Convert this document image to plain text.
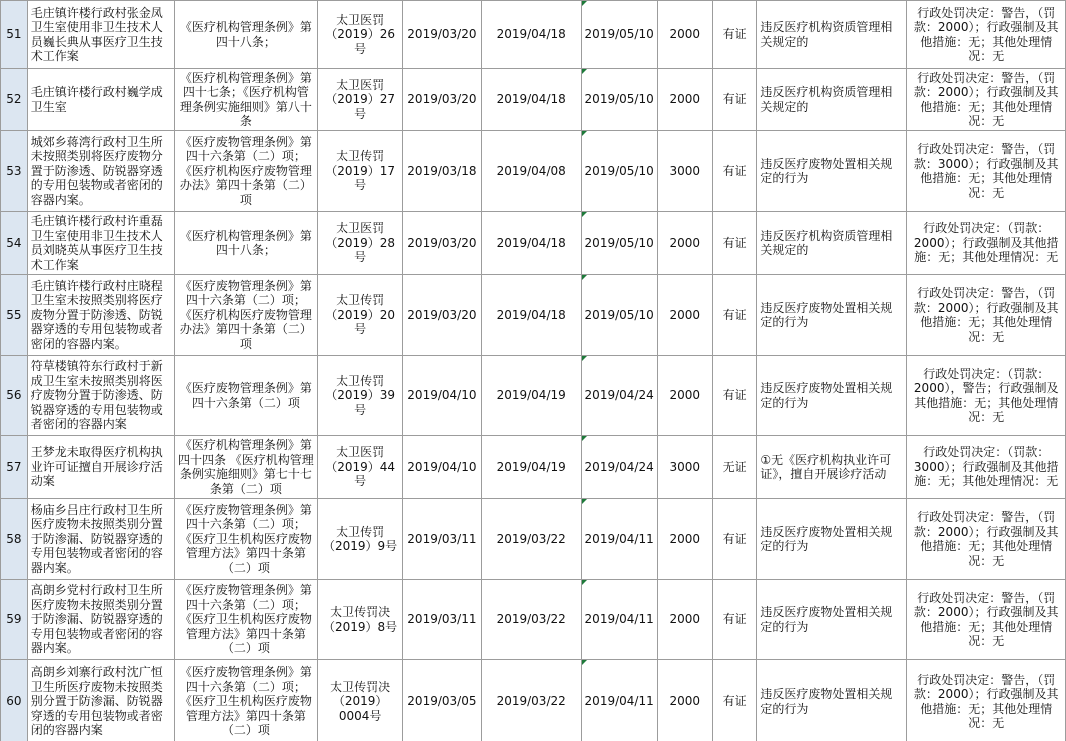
51	毛庄镇许楼行政村张金凤卫生室使用非卫生技术人员巍长典从事医疗卫生技术工作案	《医疗机构管理条例》第四十八条；	太卫医罚（2019）26号	2019/03/20	2019/04/18	2019/05/10	2000	有证	违反医疗机构资质管理相关规定的	行政处罚决定：警告，（罚款：2000）；行政强制及其他措施：无；其他处理情况：无
52	毛庄镇许楼行政村巍学成卫生室	《医疗机构管理条例》第四十七条；《医疗机构管理条例实施细则》第八十条	太卫医罚（2019）27号	2019/03/20	2019/04/18	2019/05/10	2000	有证	违反医疗机构资质管理相关规定的	行政处罚决定：警告，（罚款：2000）；行政强制及其他措施：无；其他处理情况：无
53	城郊乡蒋湾行政村卫生所未按照类别将医疗废物分置于防渗透、防锐器穿透的专用包装物或者密闭的容器内案。	《医疗废物管理条例》第四十六条第（二）项；《医疗机构医疗废物管理办法》第四十条第（二）项	太卫传罚（2019）17号	2019/03/18	2019/04/08	2019/05/10	3000	有证	违反医疗废物处置相关规定的行为	行政处罚决定：警告，（罚款：3000）；行政强制及其他措施：无；其他处理情况：无
54	毛庄镇许楼行政村许重磊卫生室使用非卫生技术人员刘晓英从事医疗卫生技术工作案	《医疗机构管理条例》第四十八条；	太卫医罚（2019）28号	2019/03/20	2019/04/18	2019/05/10	2000	有证	违反医疗机构资质管理相关规定的	行政处罚决定：（罚款：2000）；行政强制及其他措施：无；其他处理情况：无
55	毛庄镇许楼行政村庄晓程卫生室未按照类别将医疗废物分置于防渗透、防锐器穿透的专用包装物或者密闭的容器内案。	《医疗废物管理条例》第四十六条第（二）项；《医疗机构医疗废物管理办法》第四十条第（二）项	太卫传罚（2019）20号	2019/03/20	2019/04/18	2019/05/10	2000	有证	违反医疗废物处置相关规定的行为	行政处罚决定：警告，（罚款：2000）；行政强制及其他措施：无；其他处理情况：无
56	符草楼镇符东行政村于新成卫生室未按照类别将医疗废物分置于防渗透、防锐器穿透的专用包装物或者密闭的容器内案	《医疗废物管理条例》第四十六条第（二）项	太卫传罚（2019）39号	2019/04/10	2019/04/19	2019/04/24	2000	有证	违反医疗废物处置相关规定的行为	行政处罚决定：（罚款：2000），警告；行政强制及其他措施：无；其他处理情况：无
57	王梦龙未取得医疗机构执业许可证擅自开展诊疗活动案	《医疗机构管理条例》第四十四条 《医疗机构管理条例实施细则》第七十七条第（二）项	太卫医罚（2019）44号	2019/04/10	2019/04/19	2019/04/24	3000	无证	①无《医疗机构执业许可证》，擅自开展诊疗活动	行政处罚决定：（罚款：3000）；行政强制及其他措施：无；其他处理情况：无
58	杨庙乡吕庄行政村卫生所医疗废物未按照类别分置于防渗漏、防锐器穿透的专用包装物或者密闭的容器内案。	《医疗废物管理条例》第四十六条第（二）项；《医疗卫生机构医疗废物管理方法》第四十条第（二）项	太卫传罚（2019）9号	2019/03/11	2019/03/22	2019/04/11	2000	有证	违反医疗废物处置相关规定的行为	行政处罚决定：警告，（罚款：2000）；行政强制及其他措施：无；其他处理情况：无
59	高朗乡党村行政村卫生所医疗废物未按照类别分置于防渗漏、防锐器穿透的专用包装物或者密闭的容器内案。	《医疗废物管理条例》第四十六条第（二）项；《医疗卫生机构医疗废物管理方法》第四十条第（二）项	太卫传罚决（2019）8号	2019/03/11	2019/03/22	2019/04/11	2000	有证	违反医疗废物处置相关规定的行为	行政处罚决定：警告，（罚款：2000）；行政强制及其他措施：无；其他处理情况：无
60	高朗乡刘寨行政村沈广恒卫生所医疗废物未按照类别分置于防渗漏、防锐器穿透的专用包装物或者密闭的容器内案	《医疗废物管理条例》第四十六条第（二）项；《医疗卫生机构医疗废物管理方法》第四十条第（二）项	太卫传罚决（2019）0004号	2019/03/05	2019/03/22	2019/04/11	2000	有证	违反医疗废物处置相关规定的行为	行政处罚决定：警告，（罚款：2000）；行政强制及其他措施：无；其他处理情况：无
